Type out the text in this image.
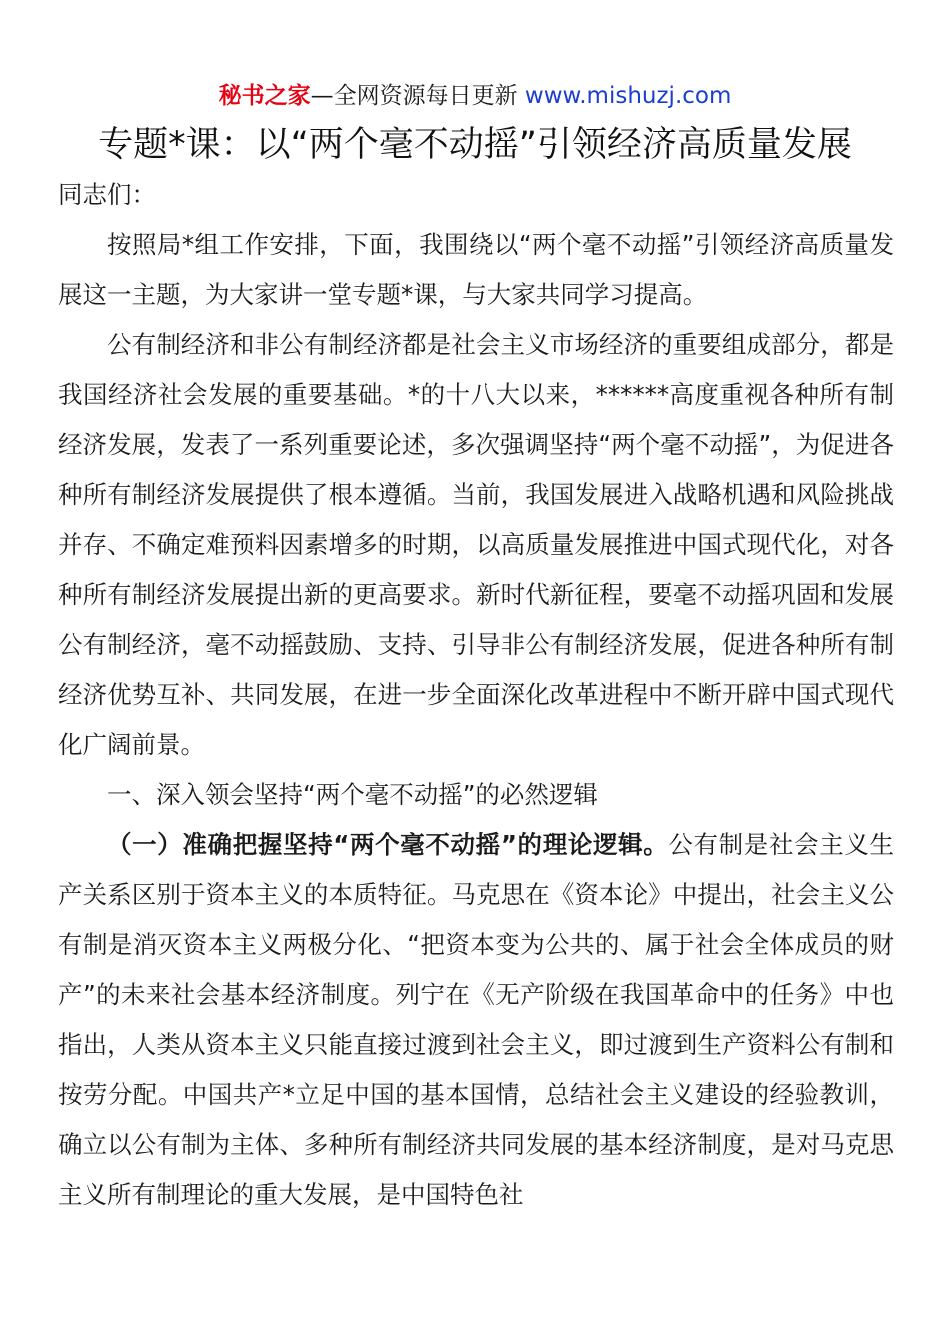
秘书之家—全网资源每日更新 www.mishuzj.com
专题*课：以“两个毫不动摇”引领经济高质量发展

同志们：

按照局*组工作安排，下面，我围绕以“两个毫不动摇”引领经济高质量发展这一主题，为大家讲一堂专题*课，与大家共同学习提高。

公有制经济和非公有制经济都是社会主义市场经济的重要组成部分，都是我国经济社会发展的重要基础。*的十八大以来，******高度重视各种所有制经济发展，发表了一系列重要论述，多次强调坚持“两个毫不动摇”，为促进各种所有制经济发展提供了根本遵循。当前，我国发展进入战略机遇和风险挑战并存、不确定难预料因素增多的时期，以高质量发展推进中国式现代化，对各种所有制经济发展提出新的更高要求。新时代新征程，要毫不动摇巩固和发展公有制经济，毫不动摇鼓励、支持、引导非公有制经济发展，促进各种所有制经济优势互补、共同发展，在进一步全面深化改革进程中不断开辟中国式现代化广阔前景。

一、深入领会坚持“两个毫不动摇”的必然逻辑

（一）准确把握坚持“两个毫不动摇”的理论逻辑。公有制是社会主义生产关系区别于资本主义的本质特征。马克思在《资本论》中提出，社会主义公有制是消灭资本主义两极分化、“把资本变为公共的、属于社会全体成员的财产”的未来社会基本经济制度。列宁在《无产阶级在我国革命中的任务》中也指出，人类从资本主义只能直接过渡到社会主义，即过渡到生产资料公有制和按劳分配。中国共产*立足中国的基本国情，总结社会主义建设的经验教训，确立以公有制为主体、多种所有制经济共同发展的基本经济制度，是对马克思主义所有制理论的重大发展，是中国特色社
